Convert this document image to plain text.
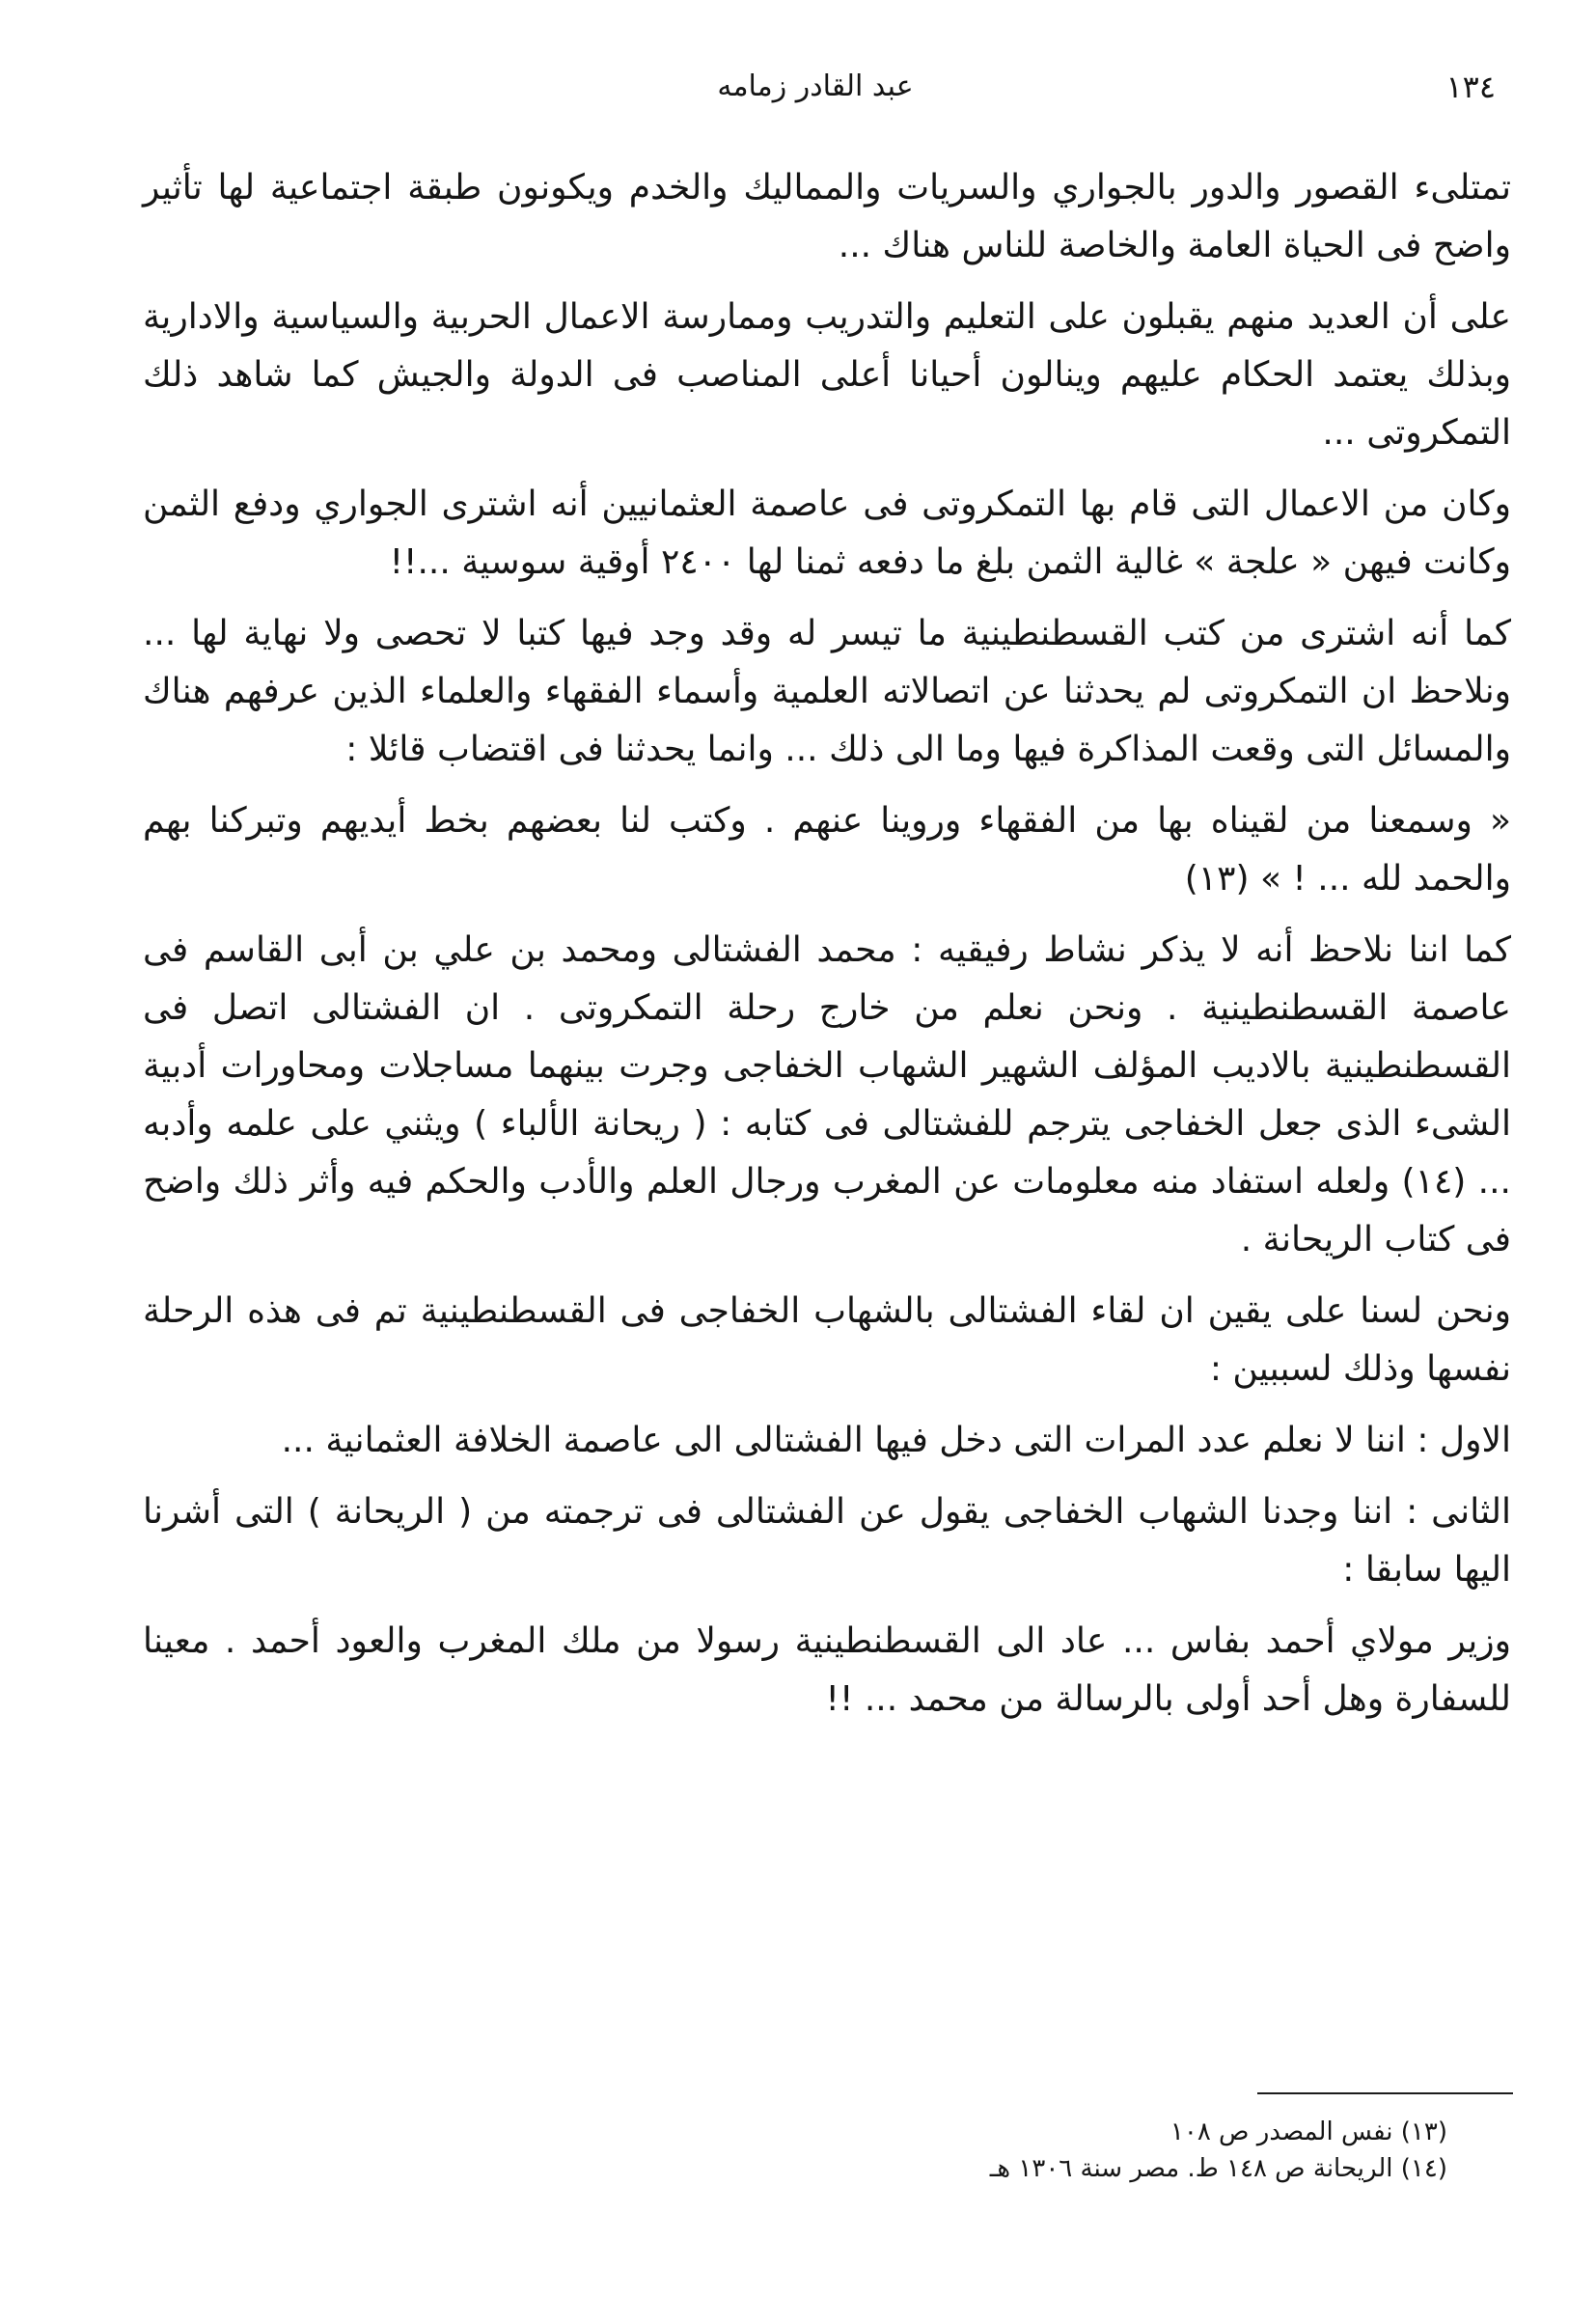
١٣٤
عبد القادر زمامه

تمتلىء القصور والدور بالجواري والسريات والمماليك والخدم ويكونون طبقة اجتماعية لها تأثير واضح فى الحياة العامة والخاصة للناس هناك ...

على أن العديد منهم يقبلون على التعليم والتدريب وممارسة الاعمال الحربية والسياسية والادارية وبذلك يعتمد الحكام عليهم وينالون أحيانا أعلى المناصب فى الدولة والجيش كما شاهد ذلك التمكروتى ...

وكان من الاعمال التى قام بها التمكروتى فى عاصمة العثمانيين أنه اشترى الجواري ودفع الثمن وكانت فيهن « علجة » غالية الثمن بلغ ما دفعه ثمنا لها ٢٤٠٠ أوقية سوسية ...!!

كما أنه اشترى من كتب القسطنطينية ما تيسر له وقد وجد فيها كتبا لا تحصى ولا نهاية لها ... ونلاحظ ان التمكروتى لم يحدثنا عن اتصالاته العلمية وأسماء الفقهاء والعلماء الذين عرفهم هناك والمسائل التى وقعت المذاكرة فيها وما الى ذلك ... وانما يحدثنا فى اقتضاب قائلا :

« وسمعنا من لقيناه بها من الفقهاء وروينا عنهم . وكتب لنا بعضهم بخط أيديهم وتبركنا بهم والحمد لله ... ! » (١٣)

كما اننا نلاحظ أنه لا يذكر نشاط رفيقيه : محمد الفشتالى ومحمد بن علي بن أبى القاسم فى عاصمة القسطنطينية . ونحن نعلم من خارج رحلة التمكروتى . ان الفشتالى اتصل فى القسطنطينية بالاديب المؤلف الشهير الشهاب الخفاجى وجرت بينهما مساجلات ومحاورات أدبية الشىء الذى جعل الخفاجى يترجم للفشتالى فى كتابه : ( ريحانة الألباء ) ويثني على علمه وأدبه ... (١٤) ولعله استفاد منه معلومات عن المغرب ورجال العلم والأدب والحكم فيه وأثر ذلك واضح فى كتاب الريحانة .

ونحن لسنا على يقين ان لقاء الفشتالى بالشهاب الخفاجى فى القسطنطينية تم فى هذه الرحلة نفسها وذلك لسببين :

الاول : اننا لا نعلم عدد المرات التى دخل فيها الفشتالى الى عاصمة الخلافة العثمانية ...

الثانى : اننا وجدنا الشهاب الخفاجى يقول عن الفشتالى فى ترجمته من ( الريحانة ) التى أشرنا اليها سابقا :

وزير مولاي أحمد بفاس ... عاد الى القسطنطينية رسولا من ملك المغرب والعود أحمد . معينا للسفارة وهل أحد أولى بالرسالة من محمد ... !!

(١٣) نفس المصدر ص ١٠٨

(١٤) الريحانة ص ١٤٨ ط. مصر سنة ١٣٠٦ هـ
